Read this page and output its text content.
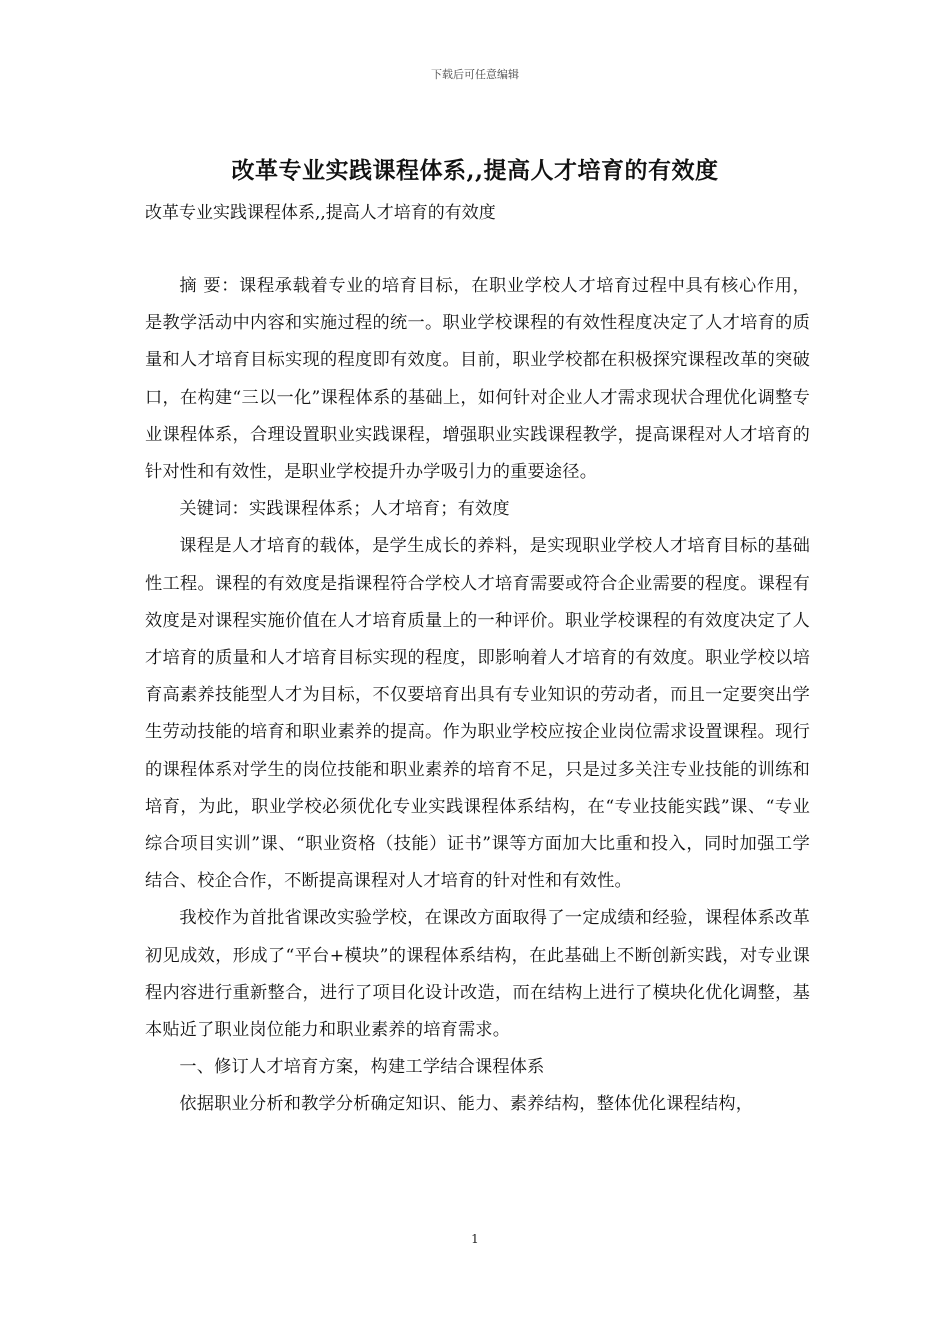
下载后可任意编辑
改革专业实践课程体系,,提高人才培育的有效度
改革专业实践课程体系,,提高人才培育的有效度

摘 要：课程承载着专业的培育目标，在职业学校人才培育过程中具有核心作用，是教学活动中内容和实施过程的统一。职业学校课程的有效性程度决定了人才培育的质量和人才培育目标实现的程度即有效度。目前，职业学校都在积极探究课程改革的突破口，在构建“三以一化”课程体系的基础上，如何针对企业人才需求现状合理优化调整专业课程体系，合理设置职业实践课程，增强职业实践课程教学，提高课程对人才培育的针对性和有效性，是职业学校提升办学吸引力的重要途径。

关键词：实践课程体系；人才培育；有效度

课程是人才培育的载体，是学生成长的养料，是实现职业学校人才培育目标的基础性工程。课程的有效度是指课程符合学校人才培育需要或符合企业需要的程度。课程有效度是对课程实施价值在人才培育质量上的一种评价。职业学校课程的有效度决定了人才培育的质量和人才培育目标实现的程度，即影响着人才培育的有效度。职业学校以培育高素养技能型人才为目标，不仅要培育出具有专业知识的劳动者，而且一定要突出学生劳动技能的培育和职业素养的提高。作为职业学校应按企业岗位需求设置课程。现行的课程体系对学生的岗位技能和职业素养的培育不足，只是过多关注专业技能的训练和培育，为此，职业学校必须优化专业实践课程体系结构，在“专业技能实践”课、“专业综合项目实训”课、“职业资格（技能）证书”课等方面加大比重和投入，同时加强工学结合、校企合作，不断提高课程对人才培育的针对性和有效性。

我校作为首批省课改实验学校，在课改方面取得了一定成绩和经验，课程体系改革初见成效，形成了“平台+模块”的课程体系结构，在此基础上不断创新实践，对专业课程内容进行重新整合，进行了项目化设计改造，而在结构上进行了模块化优化调整，基本贴近了职业岗位能力和职业素养的培育需求。

一、修订人才培育方案，构建工学结合课程体系

依据职业分析和教学分析确定知识、能力、素养结构，整体优化课程结构，

1
